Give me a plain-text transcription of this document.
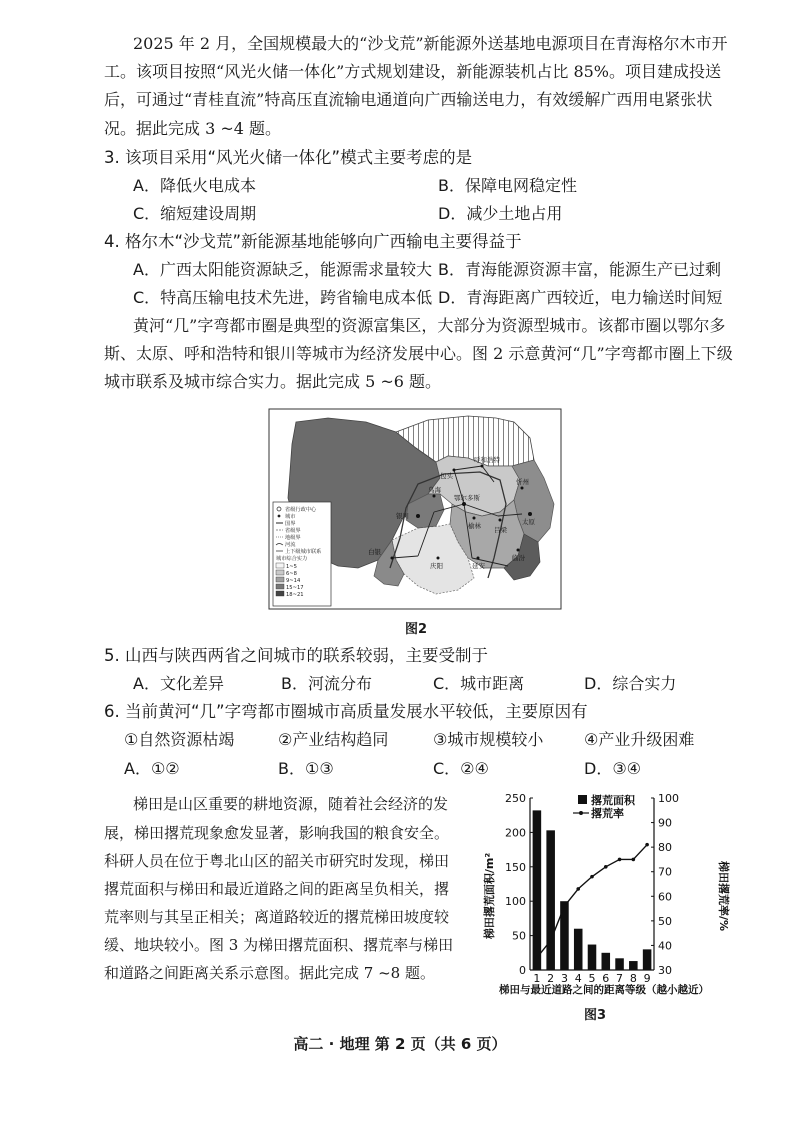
2025 年 2 月，全国规模最大的“沙戈荒”新能源外送基地电源项目在青海格尔木市开
工。该项目按照“风光火储一体化”方式规划建设，新能源装机占比 85%。项目建成投送
后，可通过“青桂直流”特高压直流输电通道向广西输送电力，有效缓解广西用电紧张状
况。据此完成 3 ~4 题。
3. 该项目采用“风光火储一体化”模式主要考虑的是
A．降低火电成本	B．保障电网稳定性
C．缩短建设周期	D．减少土地占用
4. 格尔木“沙戈荒”新能源基地能够向广西输电主要得益于
A．广西太阳能资源缺乏，能源需求量较大 B．青海能源资源丰富，能源生产已过剩
C．特高压输电技术先进，跨省输电成本低 D．青海距离广西较近，电力输送时间短
黄河“几”字弯都市圈是典型的资源富集区，大部分为资源型城市。该都市圈以鄂尔多
斯、太原、呼和浩特和银川等城市为经济发展中心。图 2 示意黄河“几”字弯都市圈上下级
城市联系及城市综合实力。据此完成 5 ~6 题。
省级行政中心
城市
国界
省级界
地级界
河流
上下级城市联系
城市综合实力
1~5
6~8
9~14
15~17
18~21
呼和浩特
包头
鄂尔多斯
乌海
银川
榆林
忻州
太原
吕梁
白银
庆阳	延安
临汾
图2
5. 山西与陕西两省之间城市的联系较弱，主要受制于
A．文化差异	B．河流分布	C．城市距离	D．综合实力
6. 当前黄河“几”字弯都市圈城市高质量发展水平较低，主要原因有
①自然资源枯竭	②产业结构趋同	③城市规模较小	④产业升级困难
A．①②	B．①③	C．②④	D．③④
梯田是山区重要的耕地资源，随着社会经济的发
展，梯田撂荒现象愈发显著，影响我国的粮食安全。
科研人员在位于粤北山区的韶关市研究时发现，梯田
撂荒面积与梯田和最近道路之间的距离呈负相关，撂
荒率则与其呈正相关；离道路较近的撂荒梯田坡度较
缓、地块较小。图 3 为梯田撂荒面积、撂荒率与梯田
和道路之间距离关系示意图。据此完成 7 ~8 题。	0
50
100
150
200
250
30
40
50
60
70
80
90
100
1 2 3 4 5 6 7 8 9
撂荒面积
撂荒率
梯田撂荒面积/m²	梯田撂荒率/%
梯田与最近道路之间的距离等级（越小越近）
图3
高二 · 地理 第 2 页（共 6 页）
